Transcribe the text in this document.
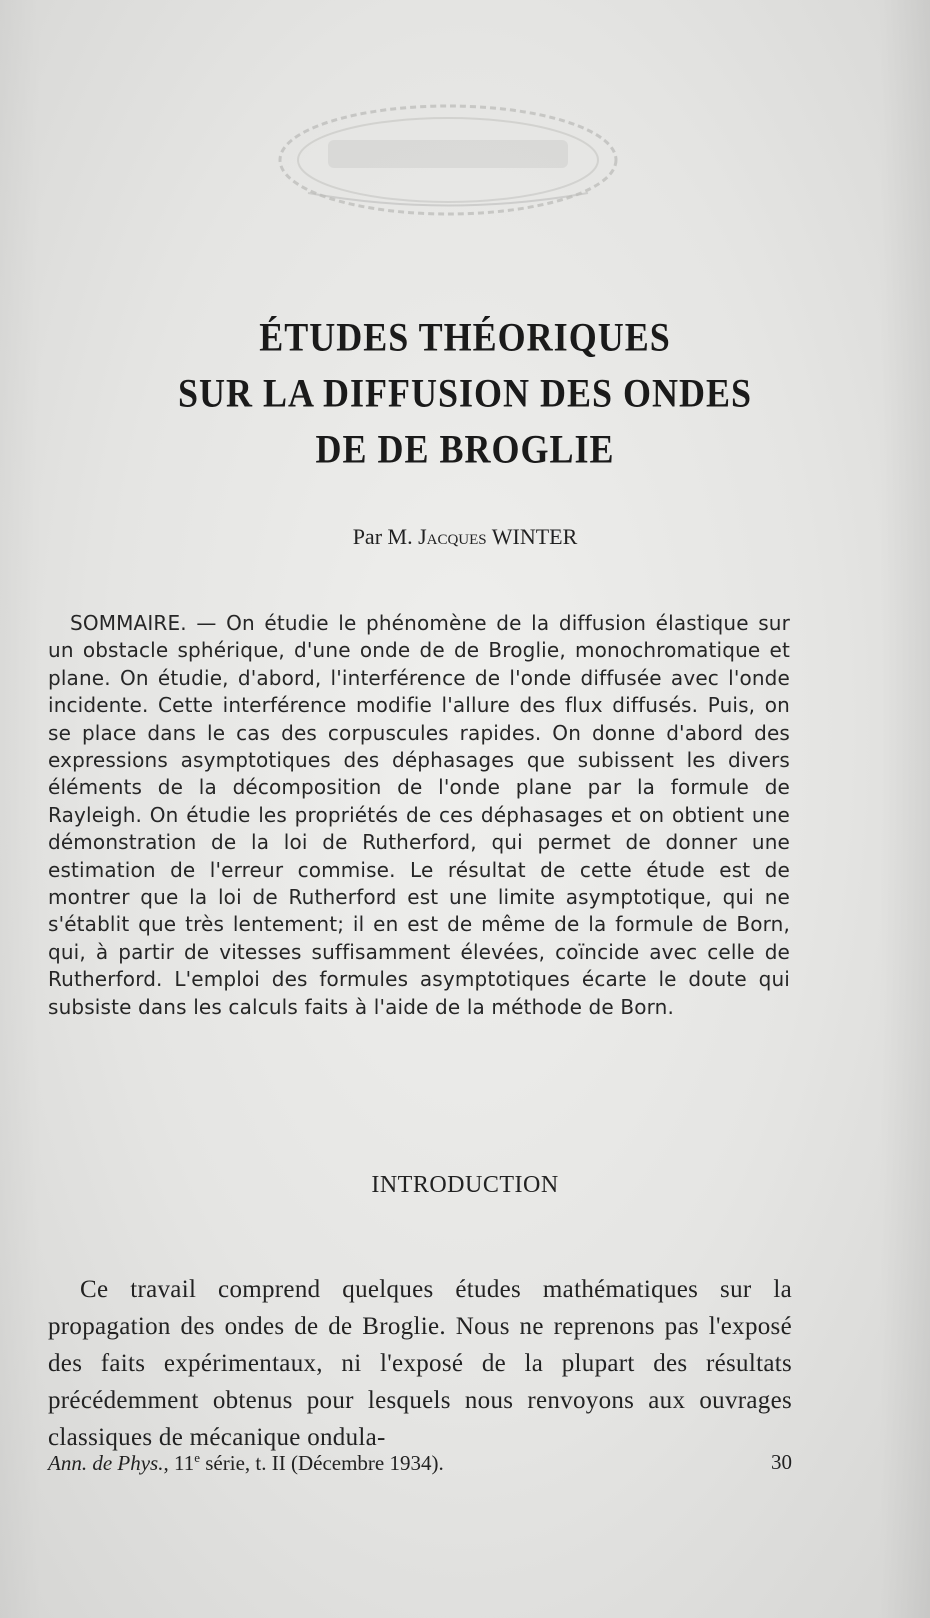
ÉTUDES THÉORIQUES
SUR LA DIFFUSION DES ONDES
DE DE BROGLIE
Par M. Jacques WINTER

SOMMAIRE. — On étudie le phénomène de la diffusion élastique sur un obstacle sphérique, d'une onde de de Broglie, monochromatique et plane. On étudie, d'abord, l'interférence de l'onde diffusée avec l'onde incidente. Cette interférence modifie l'allure des flux diffusés. Puis, on se place dans le cas des corpuscules rapides. On donne d'abord des expressions asymptotiques des déphasages que subissent les divers éléments de la décomposition de l'onde plane par la formule de Rayleigh. On étudie les propriétés de ces déphasages et on obtient une démonstration de la loi de Rutherford, qui permet de donner une estimation de l'erreur commise. Le résultat de cette étude est de montrer que la loi de Rutherford est une limite asymptotique, qui ne s'établit que très lentement; il en est de même de la formule de Born, qui, à partir de vitesses suffisamment élevées, coïncide avec celle de Rutherford. L'emploi des formules asymptotiques écarte le doute qui subsiste dans les calculs faits à l'aide de la méthode de Born.

INTRODUCTION

Ce travail comprend quelques études mathématiques sur la propagation des ondes de de Broglie. Nous ne reprenons pas l'exposé des faits expérimentaux, ni l'exposé de la plupart des résultats précédemment obtenus pour lesquels nous renvoyons aux ouvrages classiques de mécanique ondula-

Ann. de Phys., 11e série, t. II (Décembre 1934).	30
